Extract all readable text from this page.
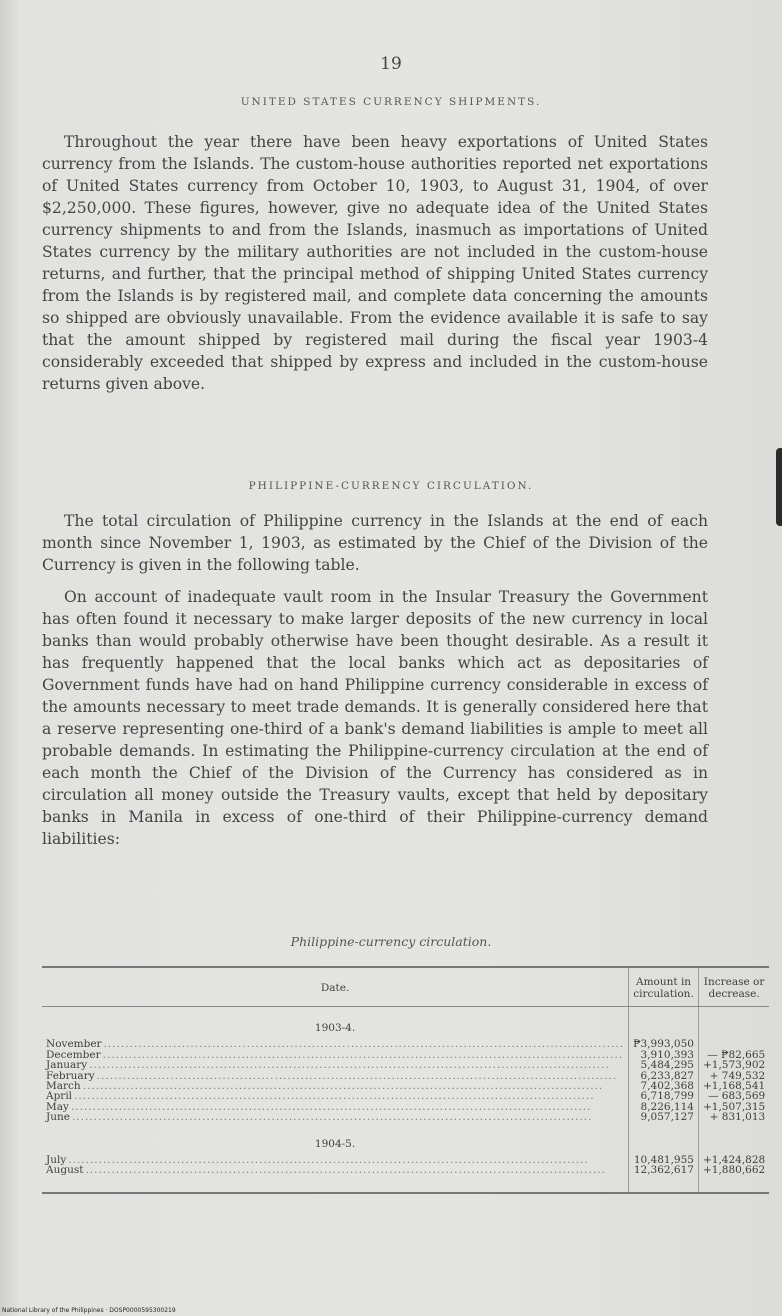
19
UNITED STATES CURRENCY SHIPMENTS.
Throughout the year there have been heavy exportations of United States currency from the Islands. The custom-house authorities reported net exportations of United States currency from October 10, 1903, to August 31, 1904, of over $2,250,000. These figures, however, give no adequate idea of the United States currency shipments to and from the Islands, inasmuch as importations of United States currency by the military authorities are not included in the custom-house returns, and further, that the principal method of shipping United States currency from the Islands is by registered mail, and complete data concerning the amounts so shipped are obviously unavailable. From the evidence available it is safe to say that the amount shipped by registered mail during the fiscal year 1903-4 considerably exceeded that shipped by express and included in the custom-house returns given above.
PHILIPPINE-CURRENCY CIRCULATION.
The total circulation of Philippine currency in the Islands at the end of each month since November 1, 1903, as estimated by the Chief of the Division of the Currency is given in the following table.
On account of inadequate vault room in the Insular Treasury the Government has often found it necessary to make larger deposits of the new currency in local banks than would probably otherwise have been thought desirable. As a result it has frequently happened that the local banks which act as depositaries of Government funds have had on hand Philippine currency considerable in excess of the amounts necessary to meet trade demands. It is generally considered here that a reserve representing one-third of a bank's demand liabilities is ample to meet all probable demands. In estimating the Philippine-currency circulation at the end of each month the Chief of the Division of the Currency has considered as in circulation all money outside the Treasury vaults, except that held by depositary banks in Manila in excess of one-third of their Philippine-currency demand liabilities:
Philippine-currency circulation.
Date.	Amount in circulation.	Increase or decrease.
1903-4.		
November ........................................................................................................................	₱3,993,050	
December ........................................................................................................................	3,910,393	— ₱82,665
January ........................................................................................................................	5,484,295	+1,573,902
February ........................................................................................................................	6,233,827	+ 749,532
March ........................................................................................................................	7,402,368	+1,168,541
April ........................................................................................................................	6,718,799	— 683,569
May ........................................................................................................................	8,226,114	+1,507,315
June ........................................................................................................................	9,057,127	+ 831,013
1904-5.		
July ........................................................................................................................	10,481,955	+1,424,828
August ........................................................................................................................	12,362,617	+1,880,662
National Library of the Philippines · DOSP0000595300219
